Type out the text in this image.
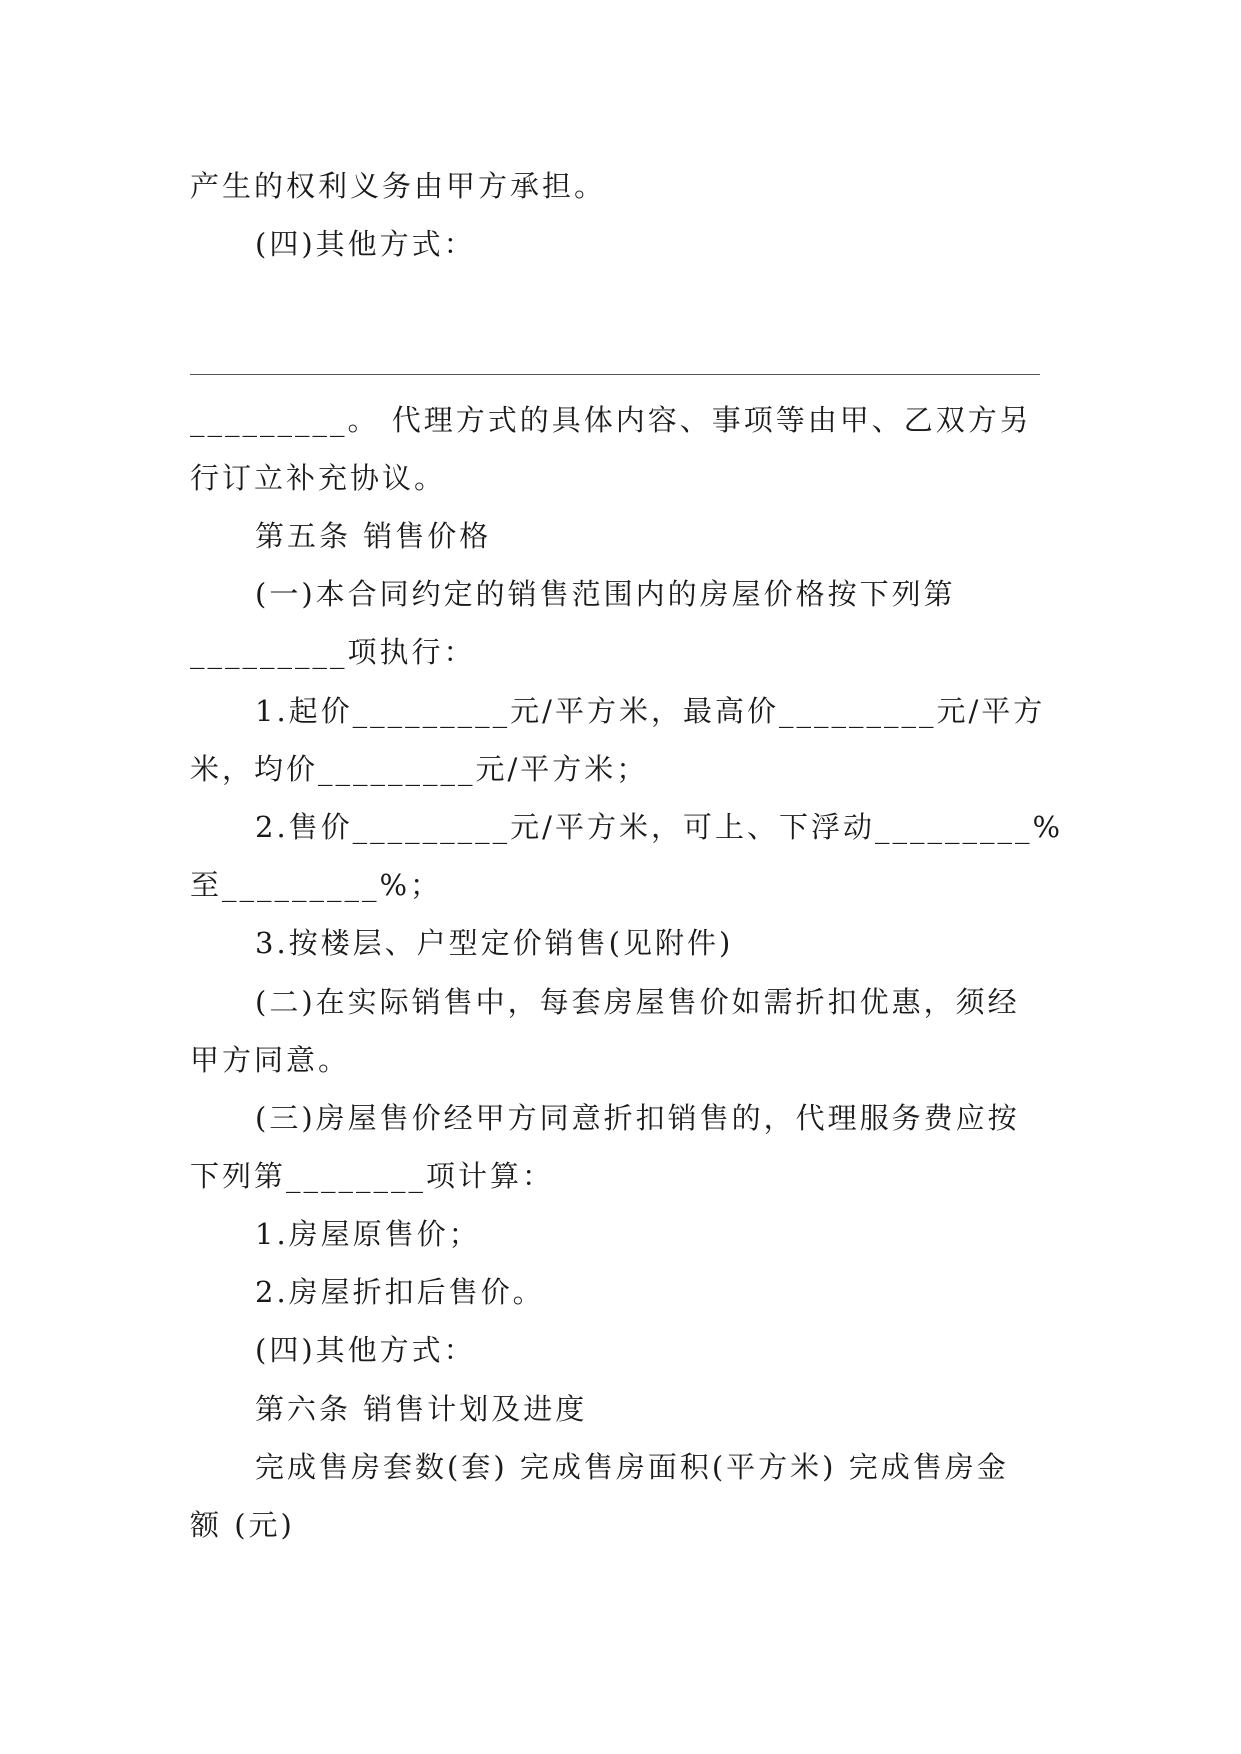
产生的权利义务由甲方承担。
(四)其他方式：
_________。 代理方式的具体内容、事项等由甲、乙双方另
行订立补充协议。
第五条 销售价格
(一)本合同约定的销售范围内的房屋价格按下列第
_________项执行：
1.起价_________元/平方米，最高价_________元/平方
米，均价_________元/平方米；
2.售价_________元/平方米，可上、下浮动_________%
至_________%；
3.按楼层、户型定价销售(见附件)
(二)在实际销售中，每套房屋售价如需折扣优惠，须经
甲方同意。
(三)房屋售价经甲方同意折扣销售的，代理服务费应按
下列第________项计算：
1.房屋原售价；
2.房屋折扣后售价。
(四)其他方式：
第六条 销售计划及进度
完成售房套数(套) 完成售房面积(平方米) 完成售房金
额 (元)
